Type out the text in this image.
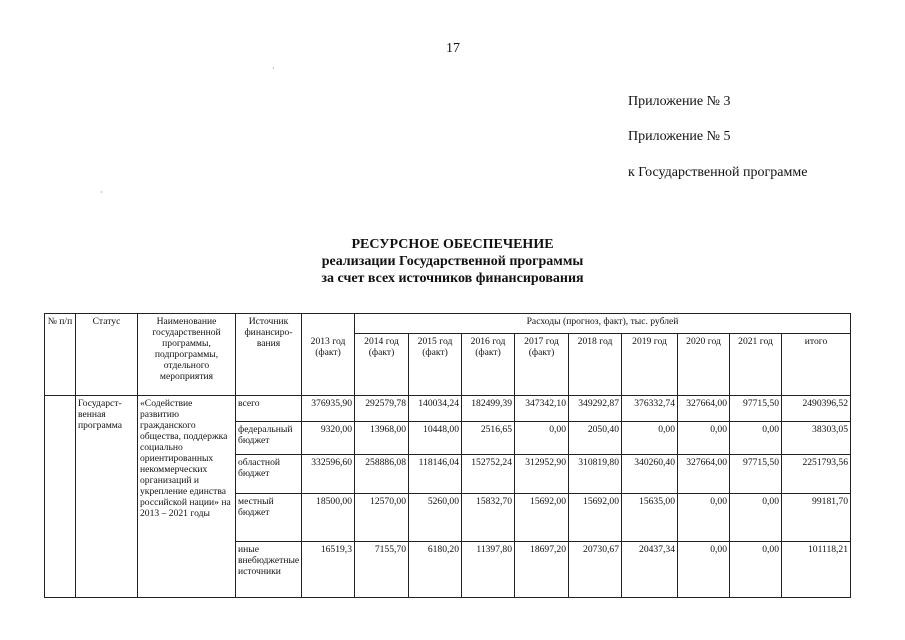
17
Приложение № 3
Приложение № 5
к Государственной программе
РЕСУРСНОЕ ОБЕСПЕЧЕНИЕ
реализации Государственной программы
за счет всех источников финансирования
·
·
№ п/п	Статус	Наименование государственной программы, подпрограммы, отдельного мероприятия	Источник финансиро-вания		Расходы (прогноз, факт), тыс. рублей								
				2013 год (факт)	2014 год (факт)	2015 год (факт)	2016 год (факт)	2017 год (факт)	2018 год	2019 год	2020 год	2021 год	итого
	Государст-венная программа	«Содействие развитию гражданского общества, поддержка социально ориентированных некоммерческих организаций и укрепление единства российской нации» на 2013 – 2021 годы	всего	376935,90	292579,78	140034,24	182499,39	347342,10	349292,87	376332,74	327664,00	97715,50	2490396,52
			федеральный бюджет	9320,00	13968,00	10448,00	2516,65	0,00	2050,40	0,00	0,00	0,00	38303,05
			областной бюджет	332596,60	258886,08	118146,04	152752,24	312952,90	310819,80	340260,40	327664,00	97715,50	2251793,56
			местный бюджет	18500,00	12570,00	5260,00	15832,70	15692,00	15692,00	15635,00	0,00	0,00	99181,70
			иные внебюджетные источники	16519,3	7155,70	6180,20	11397,80	18697,20	20730,67	20437,34	0,00	0,00	101118,21
